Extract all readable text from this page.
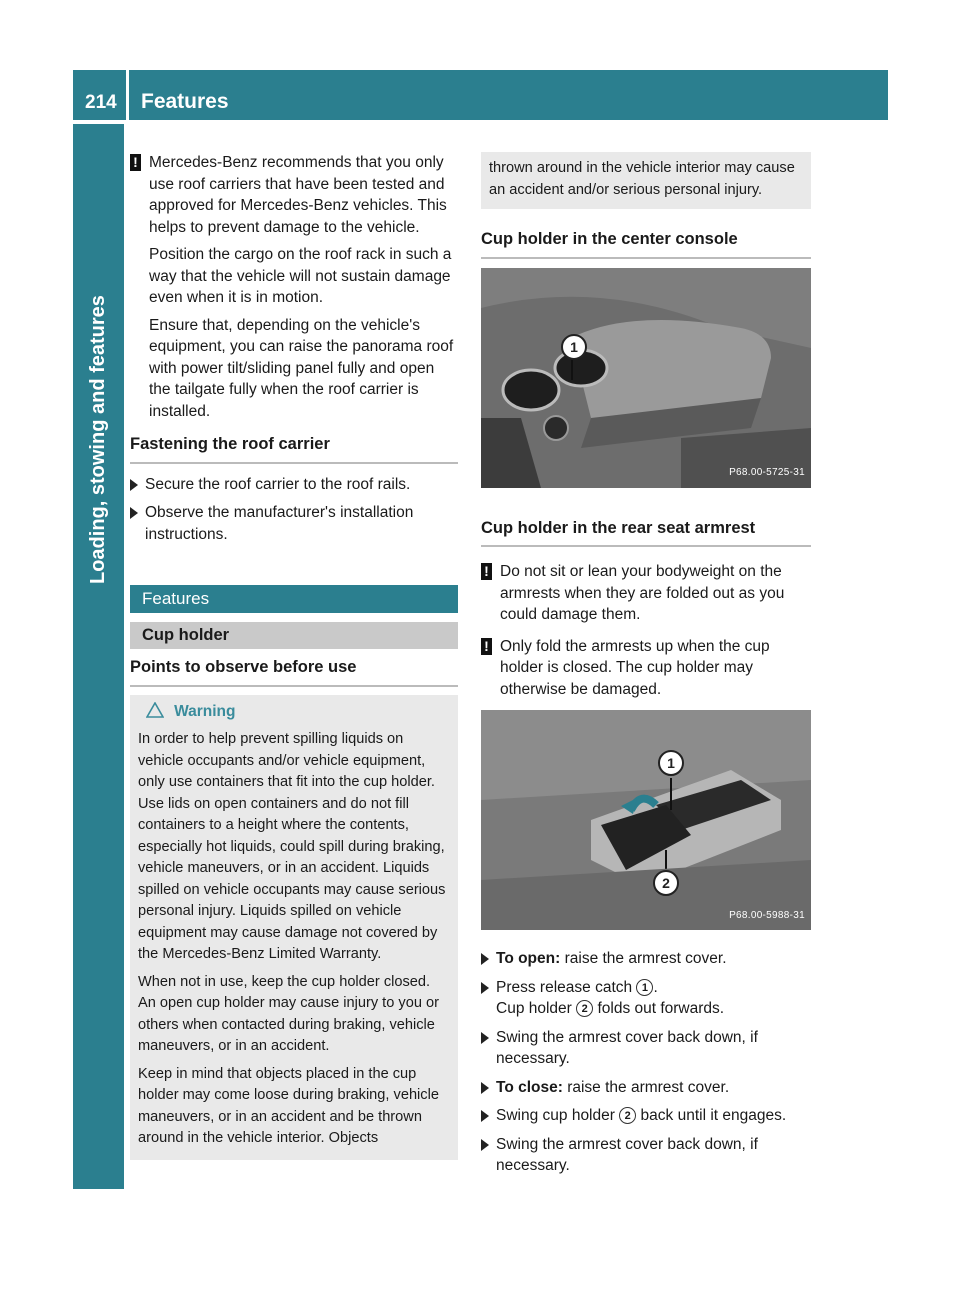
214 Features
Loading, stowing and features
! Mercedes-Benz recommends that you only use roof carriers that have been tested and approved for Mercedes-Benz vehicles. This helps to prevent damage to the vehicle.

Position the cargo on the roof rack in such a way that the vehicle will not sustain damage even when it is in motion.

Ensure that, depending on the vehicle's equipment, you can raise the panorama roof with power tilt/sliding panel fully and open the tailgate fully when the roof carrier is installed.

Fastening the roof carrier
Secure the roof carrier to the roof rails.
Observe the manufacturer's installation instructions.
Features
Cup holder
Points to observe before use
Warning

In order to help prevent spilling liquids on vehicle occupants and/or vehicle equipment, only use containers that fit into the cup holder. Use lids on open containers and do not fill containers to a height where the contents, especially hot liquids, could spill during braking, vehicle maneuvers, or in an accident. Liquids spilled on vehicle occupants may cause serious personal injury. Liquids spilled on vehicle equipment may cause damage not covered by the Mercedes-Benz Limited Warranty.

When not in use, keep the cup holder closed. An open cup holder may cause injury to you or others when contacted during braking, vehicle maneuvers, or in an accident.

Keep in mind that objects placed in the cup holder may come loose during braking, vehicle maneuvers, or in an accident and be thrown around in the vehicle interior. Objects

thrown around in the vehicle interior may cause an accident and/or serious personal injury.

Cup holder in the center console
1
P68.00-5725-31
Cup holder in the rear seat armrest
! Do not sit or lean your bodyweight on the armrests when they are folded out as you could damage them.

! Only fold the armrests up when the cup holder is closed. The cup holder may otherwise be damaged.

1
2
P68.00-5988-31
To open: raise the armrest cover.
Press release catch 1 .
Cup holder 2 folds out forwards.
Swing the armrest cover back down, if necessary.
To close: raise the armrest cover.
Swing cup holder 2 back until it engages.
Swing the armrest cover back down, if necessary.
